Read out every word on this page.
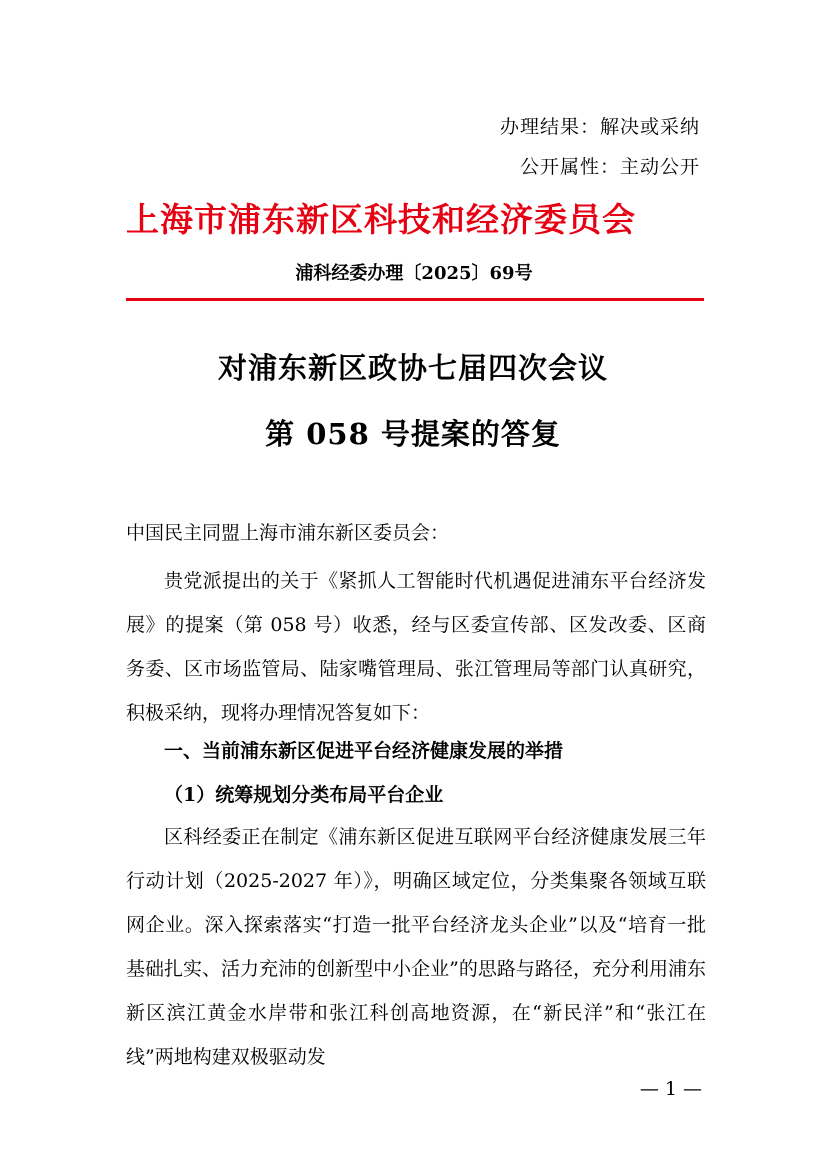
办理结果：解决或采纳
公开属性：主动公开
上海市浦东新区科技和经济委员会
浦科经委办理〔2025〕69号
对浦东新区政协七届四次会议
第 058 号提案的答复
中国民主同盟上海市浦东新区委员会：
贵党派提出的关于《紧抓人工智能时代机遇促进浦东平台经济发展》的提案（第 058 号）收悉，经与区委宣传部、区发改委、区商务委、区市场监管局、陆家嘴管理局、张江管理局等部门认真研究，积极采纳，现将办理情况答复如下：
一、当前浦东新区促进平台经济健康发展的举措
（1）统筹规划分类布局平台企业
区科经委正在制定《浦东新区促进互联网平台经济健康发展三年行动计划（2025-2027 年）》，明确区域定位，分类集聚各领域互联网企业。深入探索落实“打造一批平台经济龙头企业”以及“培育一批基础扎实、活力充沛的创新型中小企业”的思路与路径，充分利用浦东新区滨江黄金水岸带和张江科创高地资源，在“新民洋”和“张江在线”两地构建双极驱动发
— 1 —
